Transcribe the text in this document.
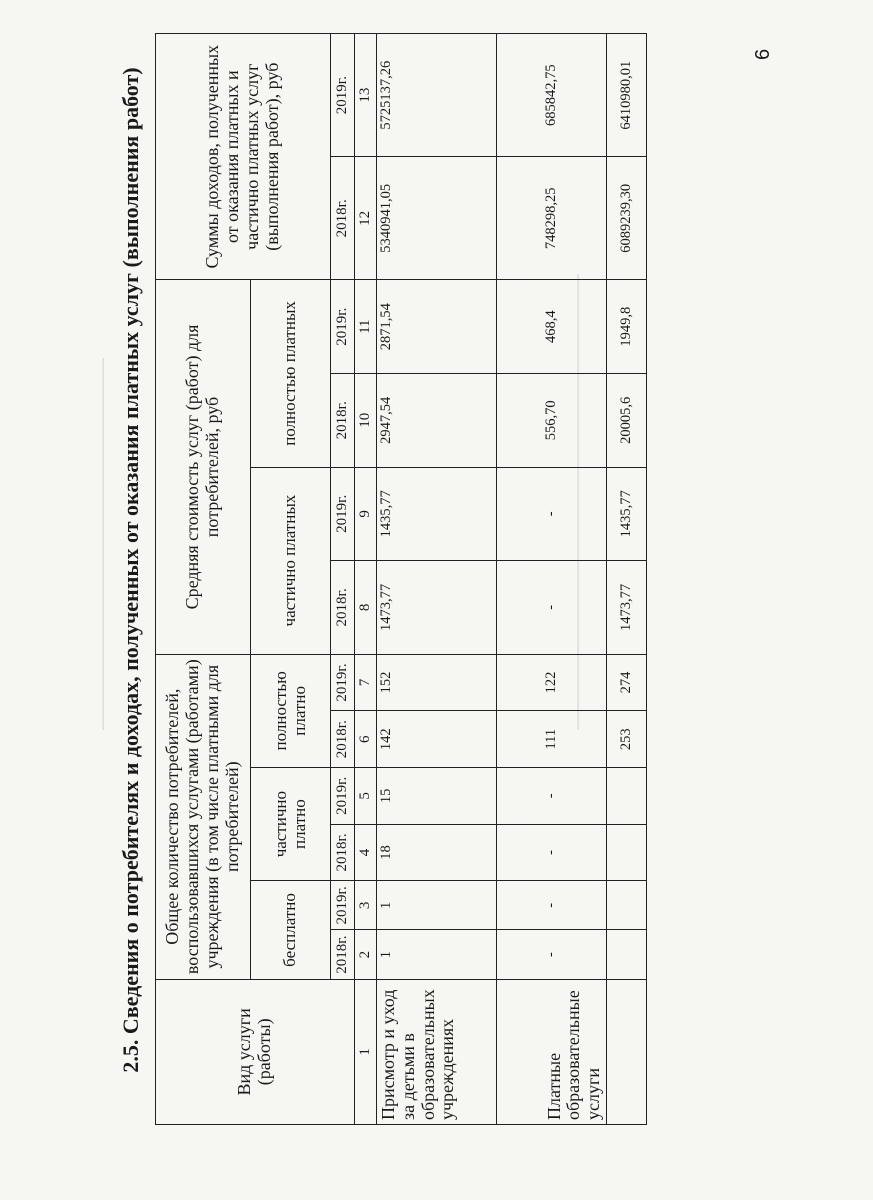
2.5. Сведения о потребителях и доходах, полученных от оказания платных услуг (выполнения работ)
———————————————————————————————	——————————————————————————————————————
Вид услуги (работы)	Общее количество потребителей, воспользовавшихся услугами (работами) учреждения (в том числе платными для потребителей)						Средняя стоимость услуг (работ) для потребителей, руб				Суммы доходов, полученных от оказания платных и частично платных услуг (выполнения работ), руб	
	бесплатно		частично платно		полностью платно		частично платных		полностью платных			
	2018г.	2019г.	2018г.	2019г.	2018г.	2019г.	2018г.	2019г.	2018г.	2019г.	2018г.	2019г.
1	2	3	4	5	6	7	8	9	10	11	12	13
Присмотр и уход за детьми в образовательных учреждениях	1	1	18	15	142	152	1473,77	1435,77	2947,54	2871,54	5340941,05	5725137,26
Платные образовательные услуги	-	-	-	-	111	122	-	-	556,70	468,4	748298,25	685842,75
					253	274	1473,77	1435,77	20005,6	1949,8	6089239,30	6410980,01
6
